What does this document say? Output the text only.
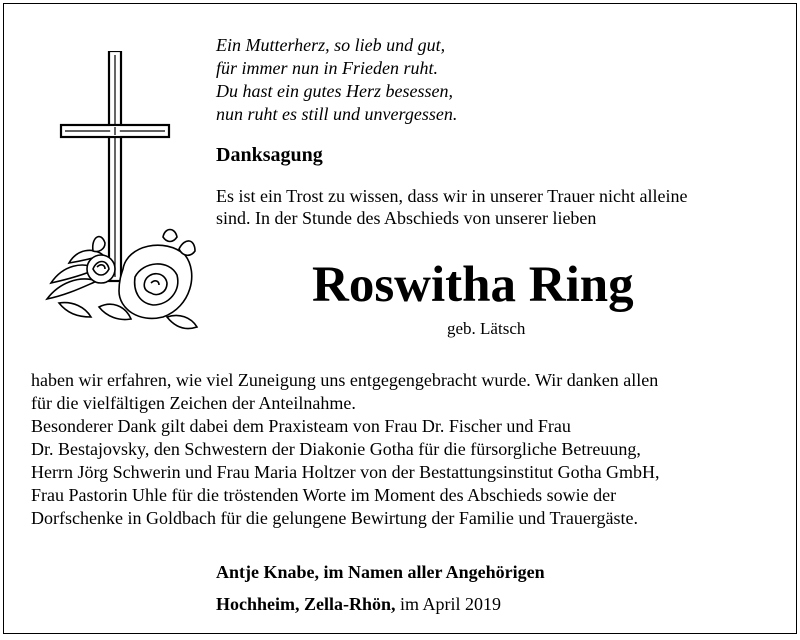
Ein Mutterherz, so lieb und gut,
für immer nun in Frieden ruht.
Du hast ein gutes Herz besessen,
nun ruht es still und unvergessen.
Danksagung
Es ist ein Trost zu wissen, dass wir in unserer Trauer nicht alleine
sind. In der Stunde des Abschieds von unserer lieben
Roswitha Ring
geb. Lätsch
haben wir erfahren, wie viel Zuneigung uns entgegengebracht wurde. Wir danken allen
für die vielfältigen Zeichen der Anteilnahme.
Besonderer Dank gilt dabei dem Praxisteam von Frau Dr. Fischer und Frau
Dr. Bestajovsky, den Schwestern der Diakonie Gotha für die fürsorgliche Betreuung,
Herrn Jörg Schwerin und Frau Maria Holtzer von der Bestattungsinstitut Gotha GmbH,
Frau Pastorin Uhle für die tröstenden Worte im Moment des Abschieds sowie der
Dorfschenke in Goldbach für die gelungene Bewirtung der Familie und Trauergäste.
Antje Knabe, im Namen aller Angehörigen
Hochheim, Zella-Rhön, im April 2019
